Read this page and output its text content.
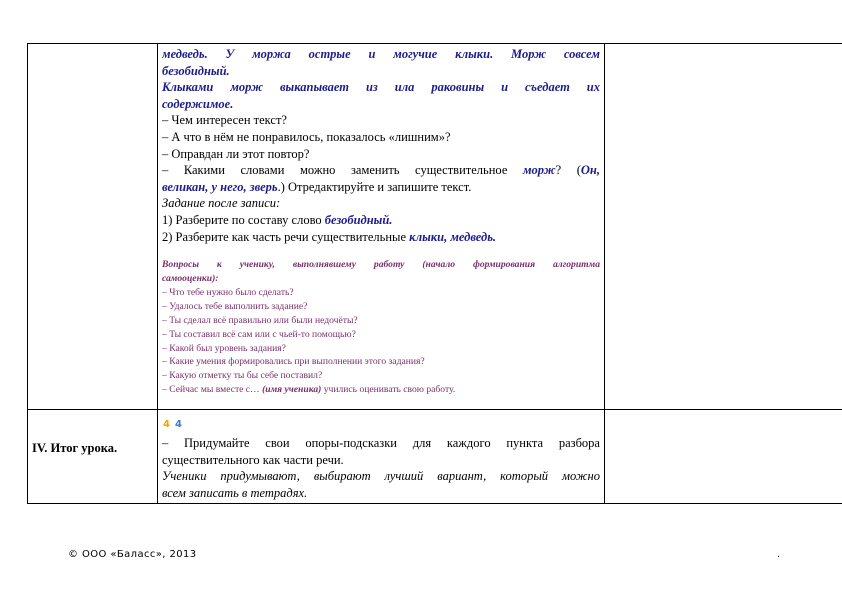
медведь. У моржа острые и могучие клыки. Морж совсем
безобидный.
Клыками морж выкапывает из ила раковины и съедает их
содержимое.
– Чем интересен текст?
– А что в нём не понравилось, показалось «лишним»?
– Оправдан ли этот повтор?
– Какими словами можно заменить существительное морж? (Он,
великан, у него, зверь.) Отредактируйте и запишите текст.
Задание после записи:
1) Разберите по составу слово безобидный.
2) Разберите как часть речи существительные клыки, медведь.
Вопросы к ученику, выполнявшему работу (начало формирования алгоритма
самооценки):
– Что тебе нужно было сделать?
– Удалось тебе выполнить задание?
– Ты сделал всё правильно или были недочёты?
– Ты составил всё сам или с чьей-то помощью?
– Какой был уровень задания?
– Какие умения формировались при выполнении этого задания?
– Какую отметку ты бы себе поставил?
– Сейчас мы вместе с… (имя ученика) учились оценивать свою работу.
4 4
IV. Итог урока.	– Придумайте свои опоры-подсказки для каждого пункта разбора
существительного как части речи.
Ученики придумывают, выбирают лучший вариант, который можно
всем записать в тетрадях.
© ООО «Баласс», 2013	.
